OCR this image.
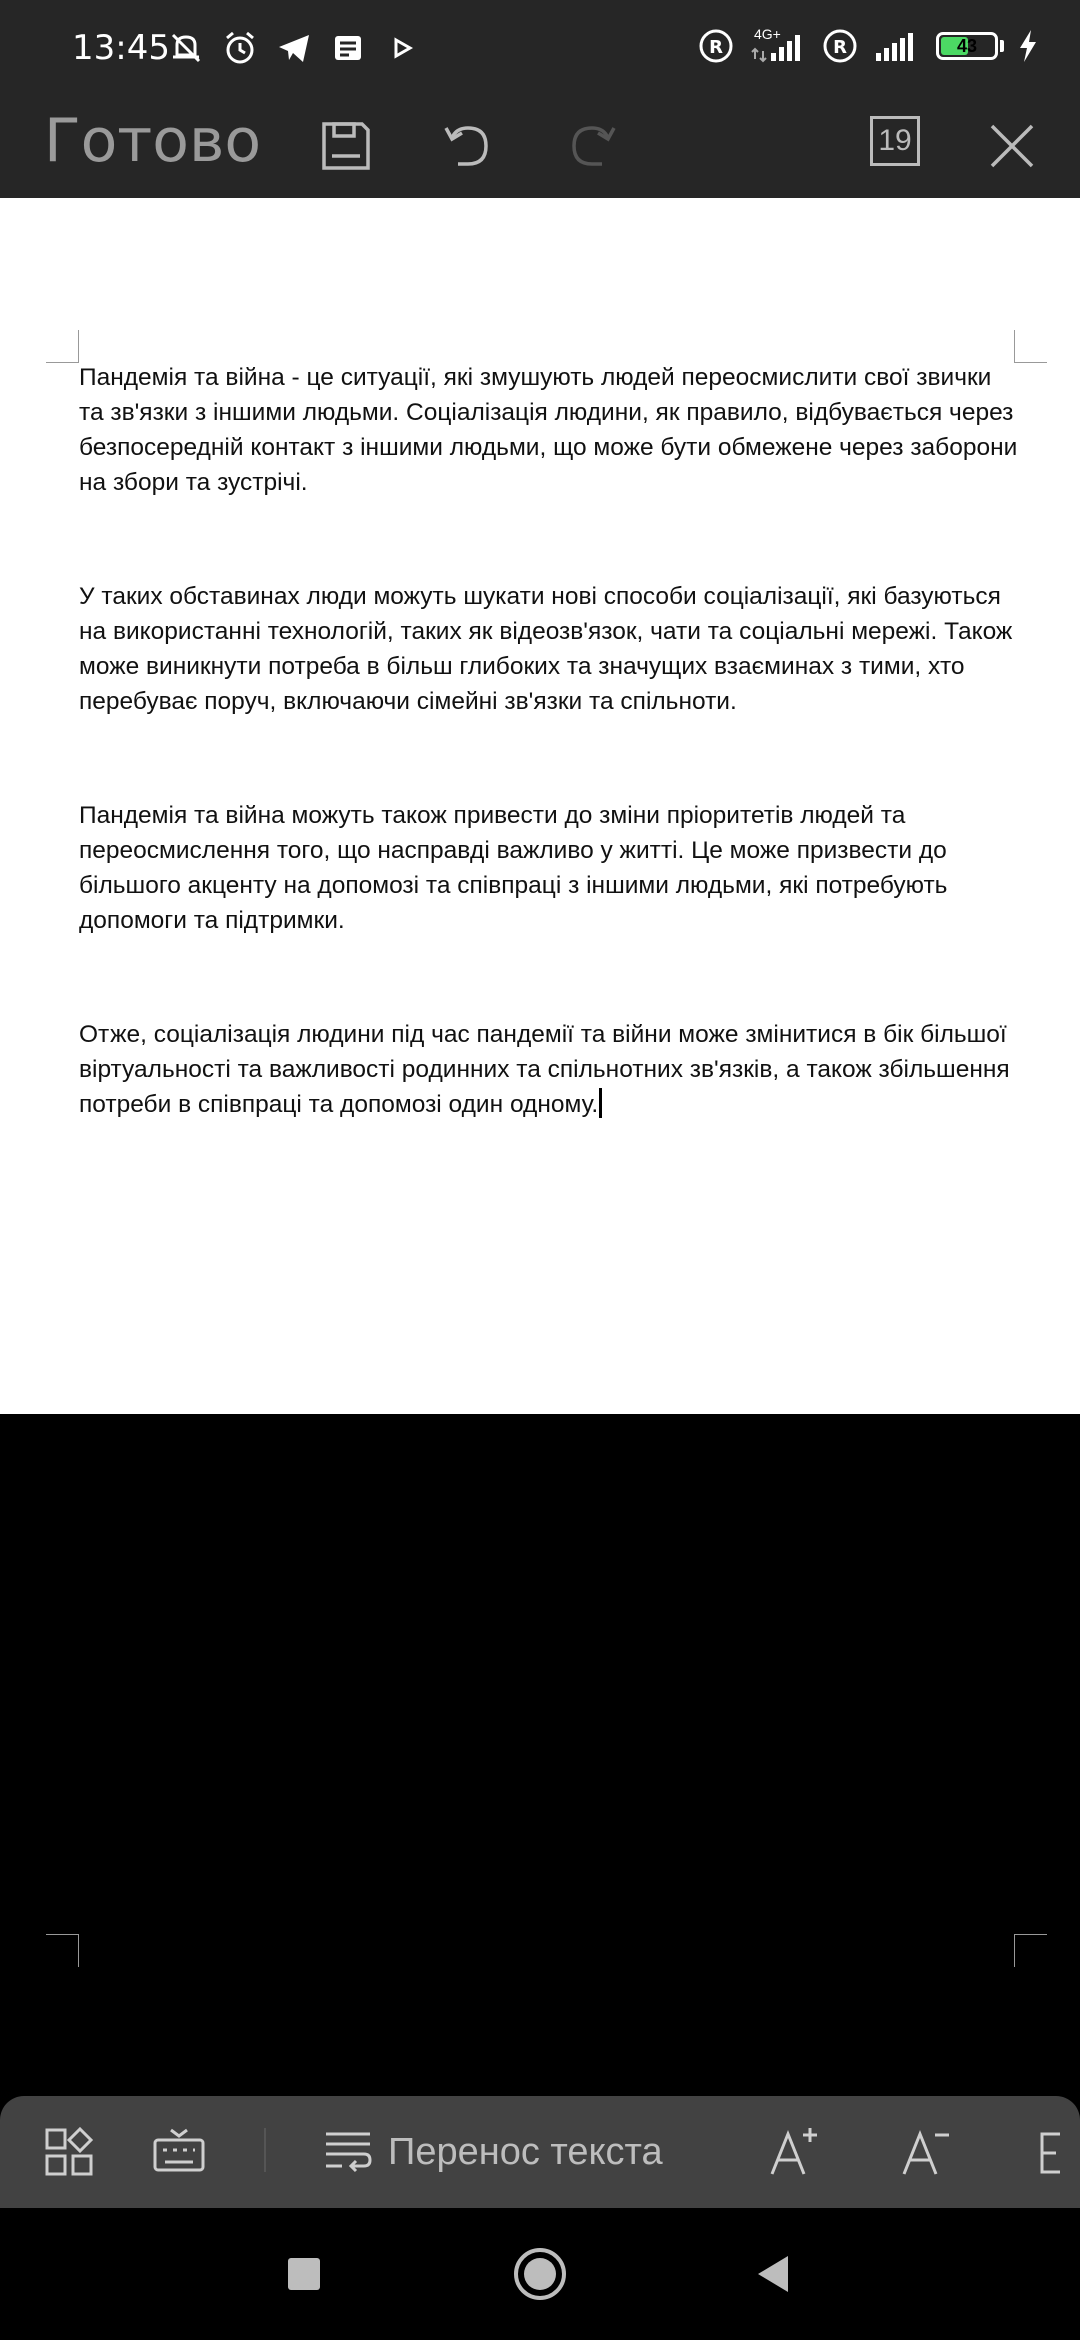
13:45	R
4G+
R	43
Готово	19

Пандемія та війна - це ситуації, які змушують людей переосмислити свої звички та зв'язки з іншими людьми. Соціалізація людини, як правило, відбувається через безпосередній контакт з іншими людьми, що може бути обмежене через заборони на збори та зустрічі.

У таких обставинах люди можуть шукати нові способи соціалізації, які базуються на використанні технологій, таких як відеозв'язок, чати та соціальні мережі. Також може виникнути потреба в більш глибоких та значущих взаєминах з тими, хто перебуває поруч, включаючи сімейні зв'язки та спільноти.

Пандемія та війна можуть також привести до зміни пріоритетів людей та переосмислення того, що насправді важливо у житті. Це може призвести до більшого акценту на допомозі та співпраці з іншими людьми, які потребують допомоги та підтримки.

Отже, соціалізація людини під час пандемії та війни може змінитися в бік більшої віртуальності та важливості родинних та спільнотних зв'язків, а також збільшення потреби в співпраці та допомозі один одному.

Перенос текста
